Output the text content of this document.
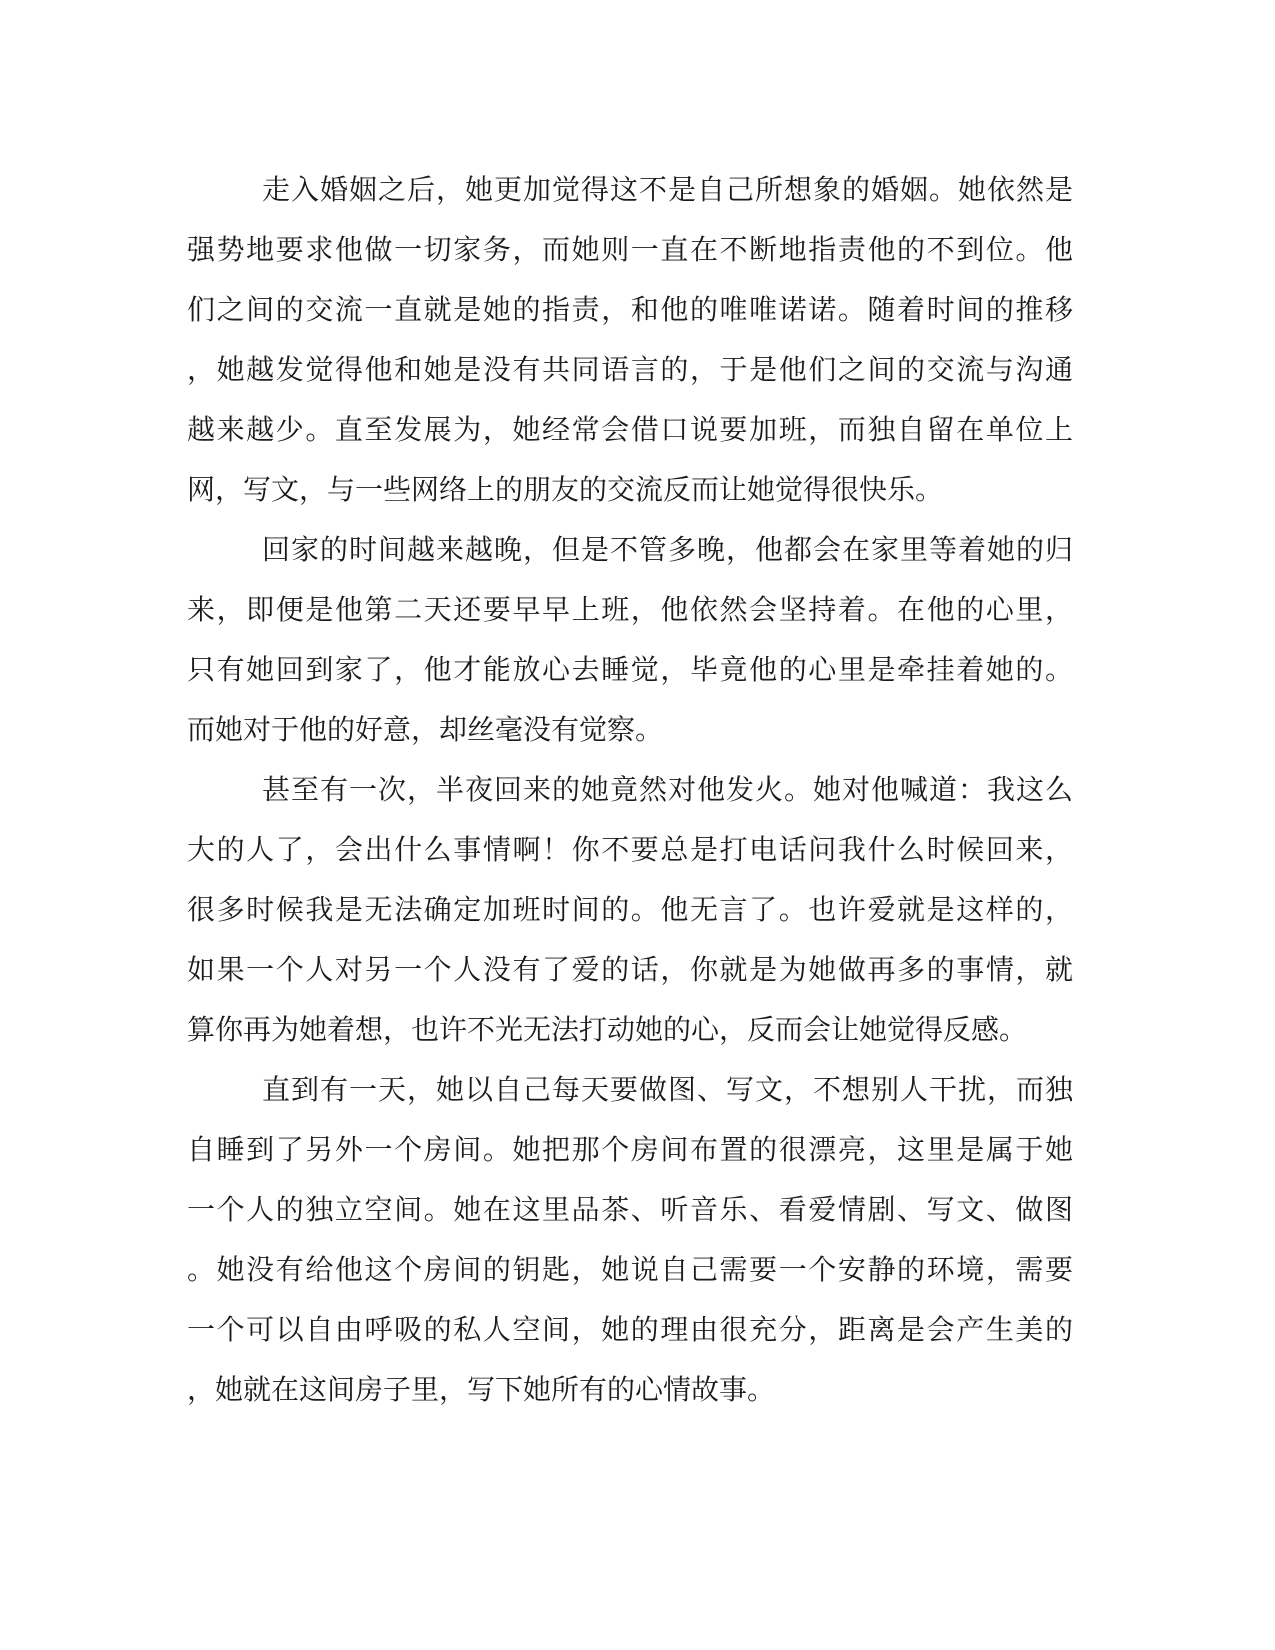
走入婚姻之后，她更加觉得这不是自己所想象的婚姻。她依然是
强势地要求他做一切家务，而她则一直在不断地指责他的不到位。他
们之间的交流一直就是她的指责，和他的唯唯诺诺。随着时间的推移
，她越发觉得他和她是没有共同语言的，于是他们之间的交流与沟通
越来越少。直至发展为，她经常会借口说要加班，而独自留在单位上
网，写文，与一些网络上的朋友的交流反而让她觉得很快乐。
回家的时间越来越晚，但是不管多晚，他都会在家里等着她的归
来，即便是他第二天还要早早上班，他依然会坚持着。在他的心里，
只有她回到家了，他才能放心去睡觉，毕竟他的心里是牵挂着她的。
而她对于他的好意，却丝毫没有觉察。
甚至有一次，半夜回来的她竟然对他发火。她对他喊道：我这么
大的人了，会出什么事情啊！你不要总是打电话问我什么时候回来，
很多时候我是无法确定加班时间的。他无言了。也许爱就是这样的，
如果一个人对另一个人没有了爱的话，你就是为她做再多的事情，就
算你再为她着想，也许不光无法打动她的心，反而会让她觉得反感。
直到有一天，她以自己每天要做图、写文，不想别人干扰，而独
自睡到了另外一个房间。她把那个房间布置的很漂亮，这里是属于她
一个人的独立空间。她在这里品茶、听音乐、看爱情剧、写文、做图
。她没有给他这个房间的钥匙，她说自己需要一个安静的环境，需要
一个可以自由呼吸的私人空间，她的理由很充分，距离是会产生美的
，她就在这间房子里，写下她所有的心情故事。
